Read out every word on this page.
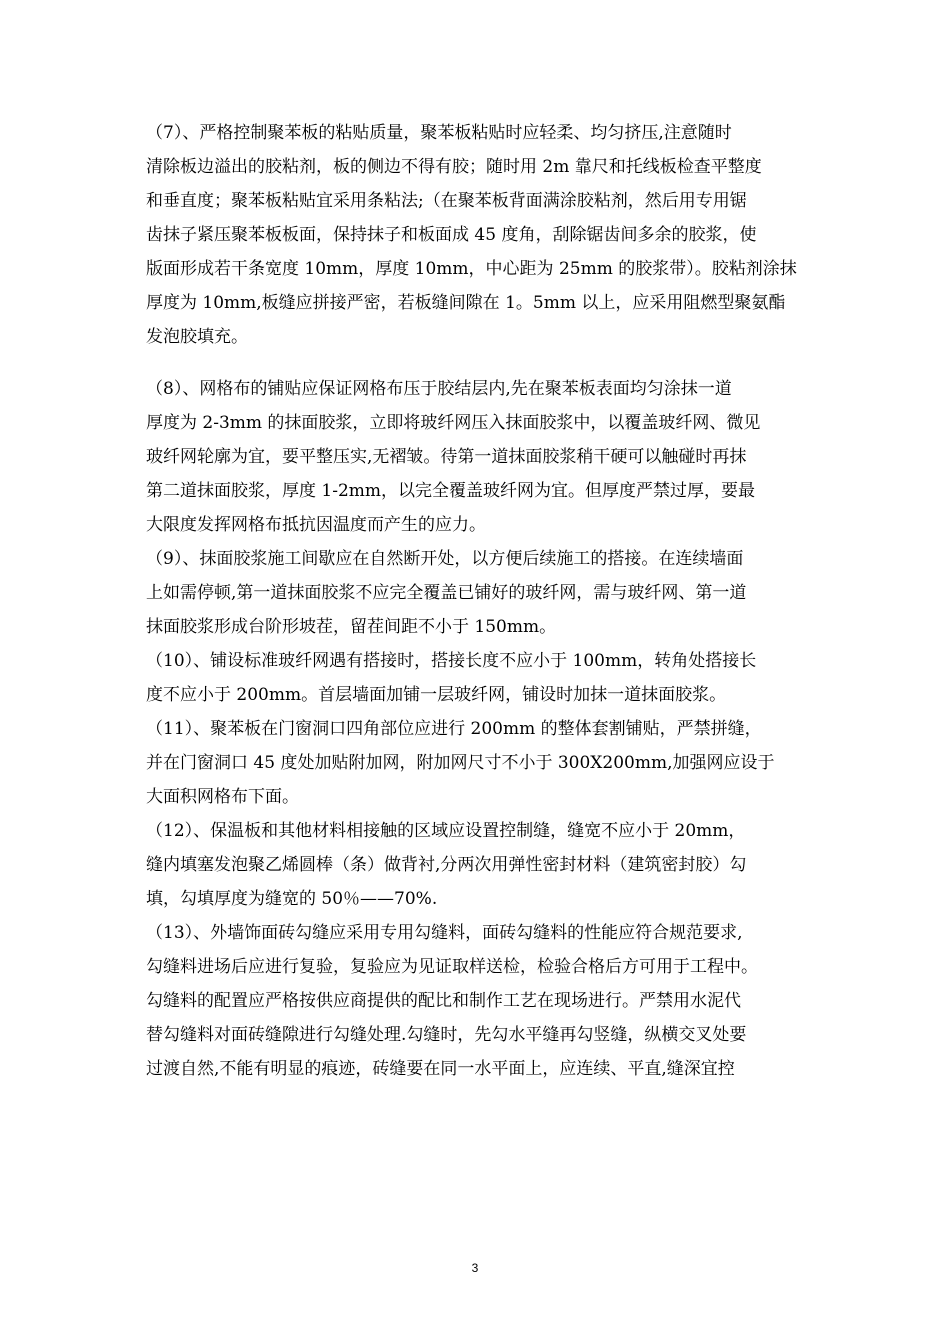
（7）、严格控制聚苯板的粘贴质量，聚苯板粘贴时应轻柔、均匀挤压,注意随时
清除板边溢出的胶粘剂，板的侧边不得有胶；随时用 2m 靠尺和托线板检查平整度
和垂直度；聚苯板粘贴宜采用条粘法;（在聚苯板背面满涂胶粘剂，然后用专用锯
齿抹子紧压聚苯板板面，保持抹子和板面成 45 度角，刮除锯齿间多余的胶浆，使
版面形成若干条宽度 10mm，厚度 10mm，中心距为 25mm 的胶浆带）。胶粘剂涂抹
厚度为 10mm,板缝应拼接严密，若板缝间隙在 1。5mm 以上，应采用阻燃型聚氨酯
发泡胶填充。

（8）、网格布的铺贴应保证网格布压于胶结层内,先在聚苯板表面均匀涂抹一道
厚度为 2-3mm 的抹面胶浆，立即将玻纤网压入抹面胶浆中，以覆盖玻纤网、微见
玻纤网轮廓为宜，要平整压实,无褶皱。待第一道抹面胶浆稍干硬可以触碰时再抹
第二道抹面胶浆，厚度 1-2mm，以完全覆盖玻纤网为宜。但厚度严禁过厚，要最
大限度发挥网格布抵抗因温度而产生的应力。

（9）、抹面胶浆施工间歇应在自然断开处，以方便后续施工的搭接。在连续墙面
上如需停顿,第一道抹面胶浆不应完全覆盖已铺好的玻纤网，需与玻纤网、第一道
抹面胶浆形成台阶形坡茬，留茬间距不小于 150mm。

（10）、铺设标准玻纤网遇有搭接时，搭接长度不应小于 100mm，转角处搭接长
度不应小于 200mm。首层墙面加铺一层玻纤网，铺设时加抹一道抹面胶浆。

（11）、聚苯板在门窗洞口四角部位应进行 200mm 的整体套割铺贴，严禁拼缝，
并在门窗洞口 45 度处加贴附加网，附加网尺寸不小于 300X200mm,加强网应设于
大面积网格布下面。

（12）、保温板和其他材料相接触的区域应设置控制缝，缝宽不应小于 20mm，
缝内填塞发泡聚乙烯圆棒（条）做背衬,分两次用弹性密封材料（建筑密封胶）勾
填，勾填厚度为缝宽的 50％——70%.

（13）、外墙饰面砖勾缝应采用专用勾缝料，面砖勾缝料的性能应符合规范要求,
勾缝料进场后应进行复验，复验应为见证取样送检，检验合格后方可用于工程中。
勾缝料的配置应严格按供应商提供的配比和制作工艺在现场进行。严禁用水泥代
替勾缝料对面砖缝隙进行勾缝处理.勾缝时，先勾水平缝再勾竖缝，纵横交叉处要
过渡自然,不能有明显的痕迹，砖缝要在同一水平面上，应连续、平直,缝深宜控

3
